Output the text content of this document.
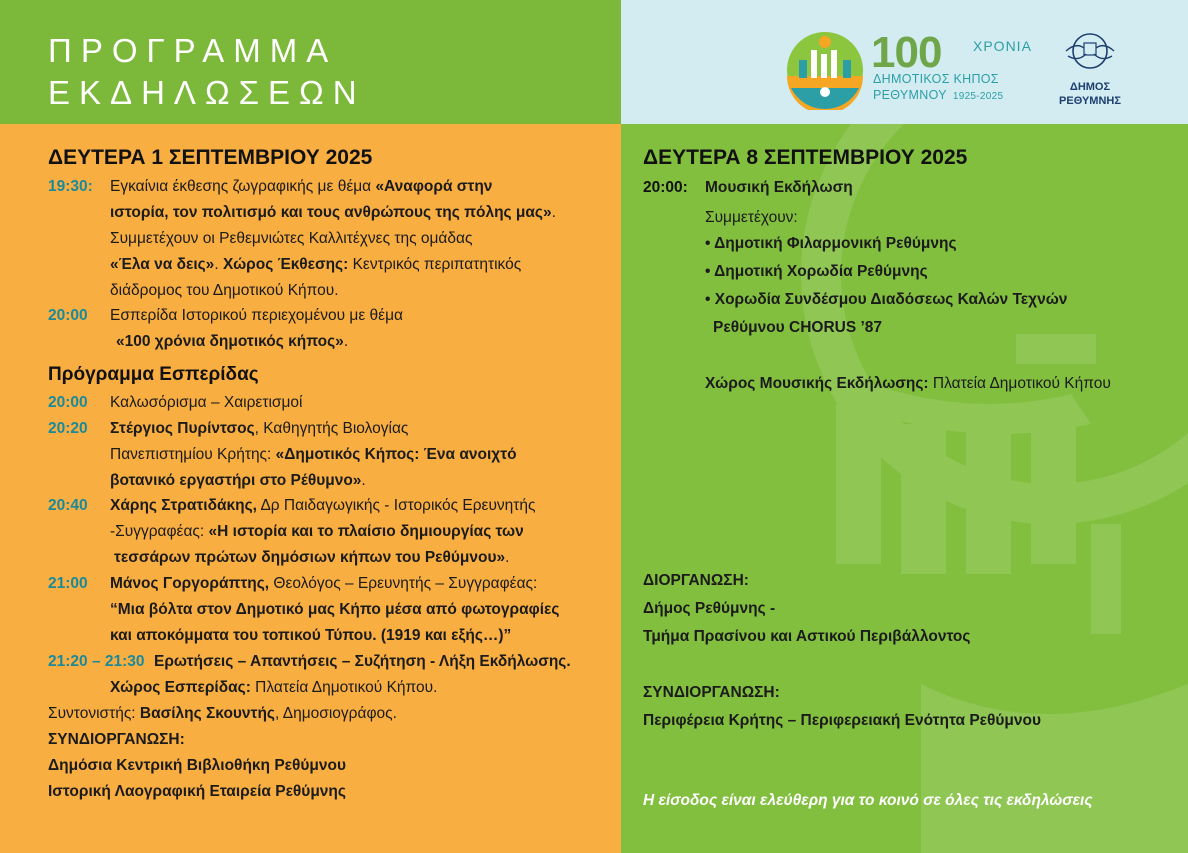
ΠΡΟΓΡΑΜΜΑ
ΕΚΔΗΛΩΣΕΩΝ
100 ΧΡΟΝΙΑ
ΔΗΜΟΤΙΚΟΣ ΚΗΠΟΣ
ΡΕΘΥΜΝΟΥ 1925-2025
ΔΗΜΟΣ
ΡΕΘΥΜΝΗΣ
ΔΕΥΤΕΡΑ 1 ΣΕΠΤΕΜΒΡΙΟΥ 2025
19:30: Εγκαίνια έκθεσης ζωγραφικής με θέμα «Αναφορά στην
ιστορία, τον πολιτισμό και τους ανθρώπους της πόλης μας».
Συμμετέχουν οι Ρεθεμνιώτες Καλλιτέχνες της ομάδας
«Έλα να δεις». Χώρος Έκθεσης: Κεντρικός περιπατητικός
διάδρομος του Δημοτικού Κήπου.
20:00 Εσπερίδα Ιστορικού περιεχομένου με θέμα
«100 χρόνια δημοτικός κήπος».
Πρόγραμμα Εσπερίδας
20:00 Καλωσόρισμα – Χαιρετισμοί
20:20 Στέργιος Πυρίντσος, Καθηγητής Βιολογίας
Πανεπιστημίου Κρήτης: «Δημοτικός Κήπος: Ένα ανοιχτό
βοτανικό εργαστήρι στο Ρέθυμνο».
20:40 Χάρης Στρατιδάκης, Δρ Παιδαγωγικής - Ιστορικός Ερευνητής
-Συγγραφέας: «Η ιστορία και το πλαίσιο δημιουργίας των
τεσσάρων πρώτων δημόσιων κήπων του Ρεθύμνου».
21:00 Μάνος Γοργοράπτης, Θεολόγος – Ερευνητής – Συγγραφέας:
“Μια βόλτα στον Δημοτικό μας Κήπο μέσα από φωτογραφίες
και αποκόμματα του τοπικού Τύπου. (1919 και εξής…)”
21:20 – 21:30 Ερωτήσεις – Απαντήσεις – Συζήτηση - Λήξη Εκδήλωσης.
Χώρος Εσπερίδας: Πλατεία Δημοτικού Κήπου.
Συντονιστής: Βασίλης Σκουντής, Δημοσιογράφος.
ΣΥΝΔΙΟΡΓΑΝΩΣΗ:
Δημόσια Κεντρική Βιβλιοθήκη Ρεθύμνου
Ιστορική Λαογραφική Εταιρεία Ρεθύμνης
ΔΕΥΤΕΡΑ 8 ΣΕΠΤΕΜΒΡΙΟΥ 2025
20:00: Μουσική Εκδήλωση
Συμμετέχουν:
• Δημοτική Φιλαρμονική Ρεθύμνης
• Δημοτική Χορωδία Ρεθύμνης
• Χορωδία Συνδέσμου Διαδόσεως Καλών Τεχνών
Ρεθύμνου CHORUS ’87
Χώρος Μουσικής Εκδήλωσης: Πλατεία Δημοτικού Κήπου
ΔΙΟΡΓΑΝΩΣΗ:
Δήμος Ρεθύμνης -
Τμήμα Πρασίνου και Αστικού Περιβάλλοντος
ΣΥΝΔΙΟΡΓΑΝΩΣΗ:
Περιφέρεια Κρήτης – Περιφερειακή Ενότητα Ρεθύμνου
Η είσοδος είναι ελεύθερη για το κοινό σε όλες τις εκδηλώσεις
